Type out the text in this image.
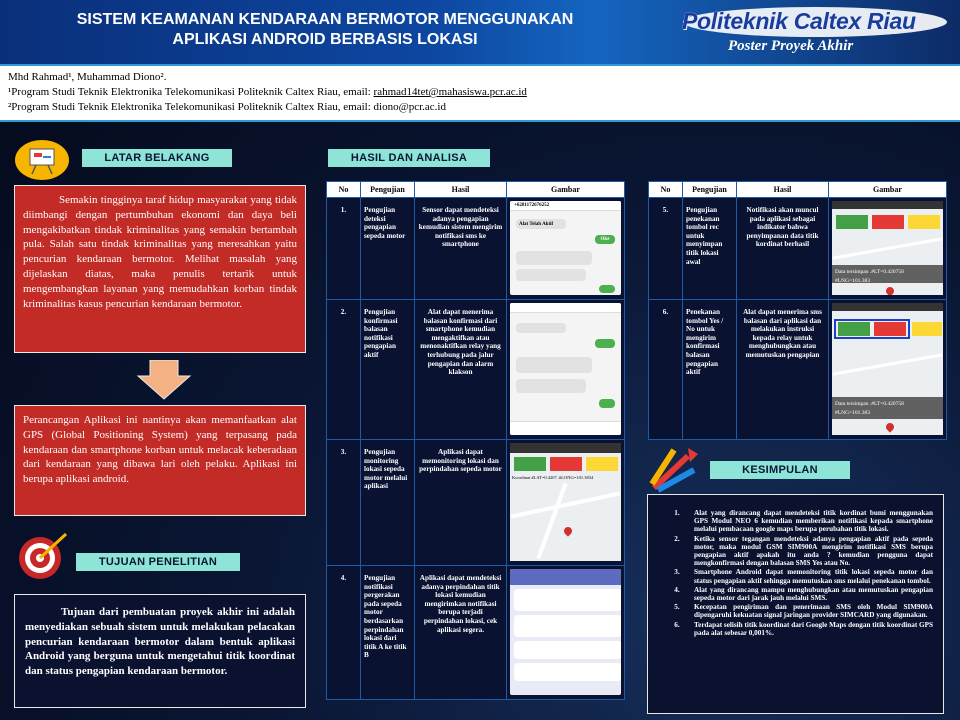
SISTEM KEAMANAN KENDARAAN BERMOTOR MENGGUNAKAN
APLIKASI ANDROID BERBASIS LOKASI
Politeknik Caltex Riau
Poster Proyek Akhir
Mhd Rahmad¹, Muhammad Diono².
¹Program Studi Teknik Elektronika Telekomunikasi Politeknik Caltex Riau, email: rahmad14tet@mahasiswa.pcr.ac.id
²Program Studi Teknik Elektronika Telekomunikasi Politeknik Caltex Riau, email: diono@pcr.ac.id
LATAR BELAKANG
Semakin tingginya taraf hidup masyarakat yang tidak diimbangi dengan pertumbuhan ekonomi dan daya beli mengakibatkan tindak kriminalitas yang semakin bertambah pula. Salah satu tindak kriminalitas yang meresahkan yaitu pencurian kendaraan bermotor. Melihat masalah yang dijelaskan diatas, maka penulis tertarik untuk mengembangkan layanan yang memudahkan korban tindak kriminalitas kasus pencurian kendaraan bermotor.
Perancangan Aplikasi ini nantinya akan memanfaatkan alat GPS (Global Positioning System) yang terpasang pada kendaraan dan smartphone korban untuk melacak keberadaan dari kendaraan yang dibawa lari oleh pelaku. Aplikasi ini berupa aplikasi android.
TUJUAN PENELITIAN
Tujuan dari pembuatan proyek akhir ini adalah menyediakan sebuah sistem untuk melakukan pelacakan pencurian kendaraan bermotor dalam bentuk aplikasi Android yang berguna untuk mengetahui titik koordinat dan status pengapian kendaraan bermotor.
HASIL DAN ANALISA
No	Pengujian	Hasil	Gambar
1.	Pengujian deteksi pengapian sepeda motor	Sensor dapat mendeteksi adanya pengapian kemudian sistem mengirim notifikasi sms ke smartphone	+6281172676252
Alat Telah Aktif
Oke

2.	Pengujian konfirmasi balasan notifikasi pengapian aktif	Alat dapat menerima balasan konfirmasi dari smartphone kemudian mengaktifkan atau menonaktifkan relay yang terhubung pada jalur pengapian dan alarm klakson	

3.	Pengujian monitoring lokasi sepeda motor melalui aplikasi	Aplikasi dapat memonitoring lokasi dan perpindahan sepeda motor	Koordinat #LAT=0.4207..#LONG=101.3834

4.	Pengujian notifikasi pergerakan pada sepeda motor berdasarkan perpindahan lokasi dari titik A ke titik B	Aplikasi dapat mendeteksi adanya perpindahan titik lokasi kemudian mengirimkan notifikasi berupa terjadi perpindahan lokasi, cek aplikasi segera.	
No	Pengujian	Hasil	Gambar
5.	Pengujian penekanan tombol rec untuk menyimpan titik lokasi awal	Notifikasi akan muncul pada aplikasi sebagai indikator bahwa penyimpanan data titik kordinat berhasil	Data tersimpan .#LT=0.420758 #LNG=101.383

6.	Penekanan tombol Yes / No untuk mengirim konfirmasi balasan pengapian aktif	Alat dapat menerima sms balasan dari aplikasi dan melakukan instruksi kepada relay untuk menghubungkan atau memutuskan pengapian	Data tersimpan .#LT=0.420758 #LNG=101.383
KESIMPULAN
1.	Alat yang dirancang dapat mendeteksi titik kordinat bumi menggunakan GPS Modul NEO 6 kemudian memberikan notifikasi kepada smartphone melalui pembacaan google maps berupa perubahan titik lokasi.
2.	Ketika sensor tegangan mendeteksi adanya pengapian aktif pada sepeda motor, maka modul GSM SIM900A mengirim notifikasi SMS berupa pengapian aktif apakah itu anda ? kemudian pengguna dapat mengkonfirmasi dengan balasan SMS Yes atau No.
3.	Smartphone Android dapat memonitoring titik lokasi sepeda motor dan status pengapian aktif sehingga memutuskan sms melalui penekanan tombol.
4.	Alat yang dirancang mampu menghubungkan atau memutuskan pengapian sepeda motor dari jarak jauh melalui SMS.
5.	Kecepatan pengiriman dan penerimaan SMS oleh Modul SIM900A dipengaruhi kekuatan signal jaringan provider SIMCARD yang digunakan.
6.	Terdapat selisih titik koordinat dari Google Maps dengan titik koordinat GPS pada alat sebesar 0,001%.
